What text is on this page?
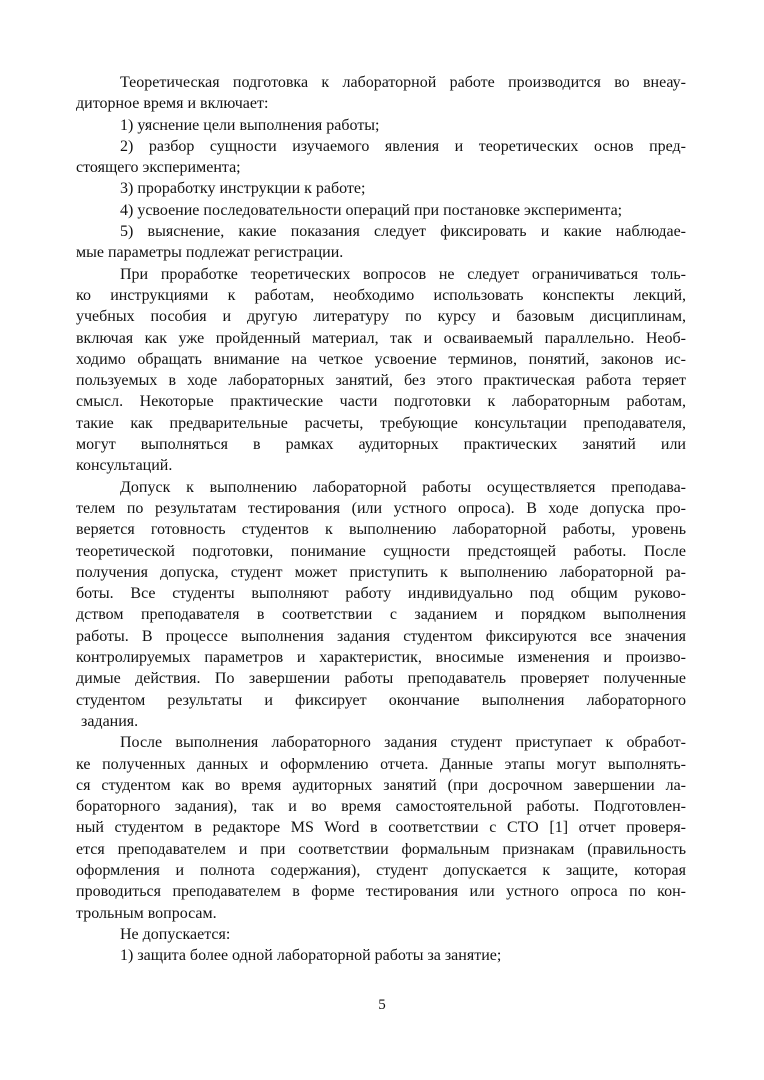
Теоретическая подготовка к лабораторной работе производится во внеау-
диторное время и включает:
1) уяснение цели выполнения работы;
2) разбор сущности изучаемого явления и теоретических основ пред-
стоящего эксперимента;
3) проработку инструкции к работе;
4) усвоение последовательности операций при постановке эксперимента;
5) выяснение, какие показания следует фиксировать и какие наблюдае-
мые параметры подлежат регистрации.
При проработке теоретических вопросов не следует ограничиваться толь-
ко инструкциями к работам, необходимо использовать конспекты лекций,
учебных пособия и другую литературу по курсу и базовым дисциплинам,
включая как уже пройденный материал, так и осваиваемый параллельно. Необ-
ходимо обращать внимание на четкое усвоение терминов, понятий, законов ис-
пользуемых в ходе лабораторных занятий, без этого практическая работа теряет
смысл. Некоторые практические части подготовки к лабораторным работам,
такие как предварительные расчеты, требующие консультации преподавателя,
могут выполняться в рамках аудиторных практических занятий или
консультаций.
Допуск к выполнению лабораторной работы осуществляется преподава-
телем по результатам тестирования (или устного опроса). В ходе допуска про-
веряется готовность студентов к выполнению лабораторной работы, уровень
теоретической подготовки, понимание сущности предстоящей работы. После
получения допуска, студент может приступить к выполнению лабораторной ра-
боты. Все студенты выполняют работу индивидуально под общим руково-
дством преподавателя в соответствии с заданием и порядком выполнения
работы. В процессе выполнения задания студентом фиксируются все значения
контролируемых параметров и характеристик, вносимые изменения и произво-
димые действия. По завершении работы преподаватель проверяет полученные
студентом результаты и фиксирует окончание выполнения лабораторного
задания.
После выполнения лабораторного задания студент приступает к обработ-
ке полученных данных и оформлению отчета. Данные этапы могут выполнять-
ся студентом как во время аудиторных занятий (при досрочном завершении ла-
бораторного задания), так и во время самостоятельной работы. Подготовлен-
ный студентом в редакторе MS Word в соответствии с СТО [1] отчет проверя-
ется преподавателем и при соответствии формальным признакам (правильность
оформления и полнота содержания), студент допускается к защите, которая
проводиться преподавателем в форме тестирования или устного опроса по кон-
трольным вопросам.
Не допускается:
1) защита более одной лабораторной работы за занятие;
5
